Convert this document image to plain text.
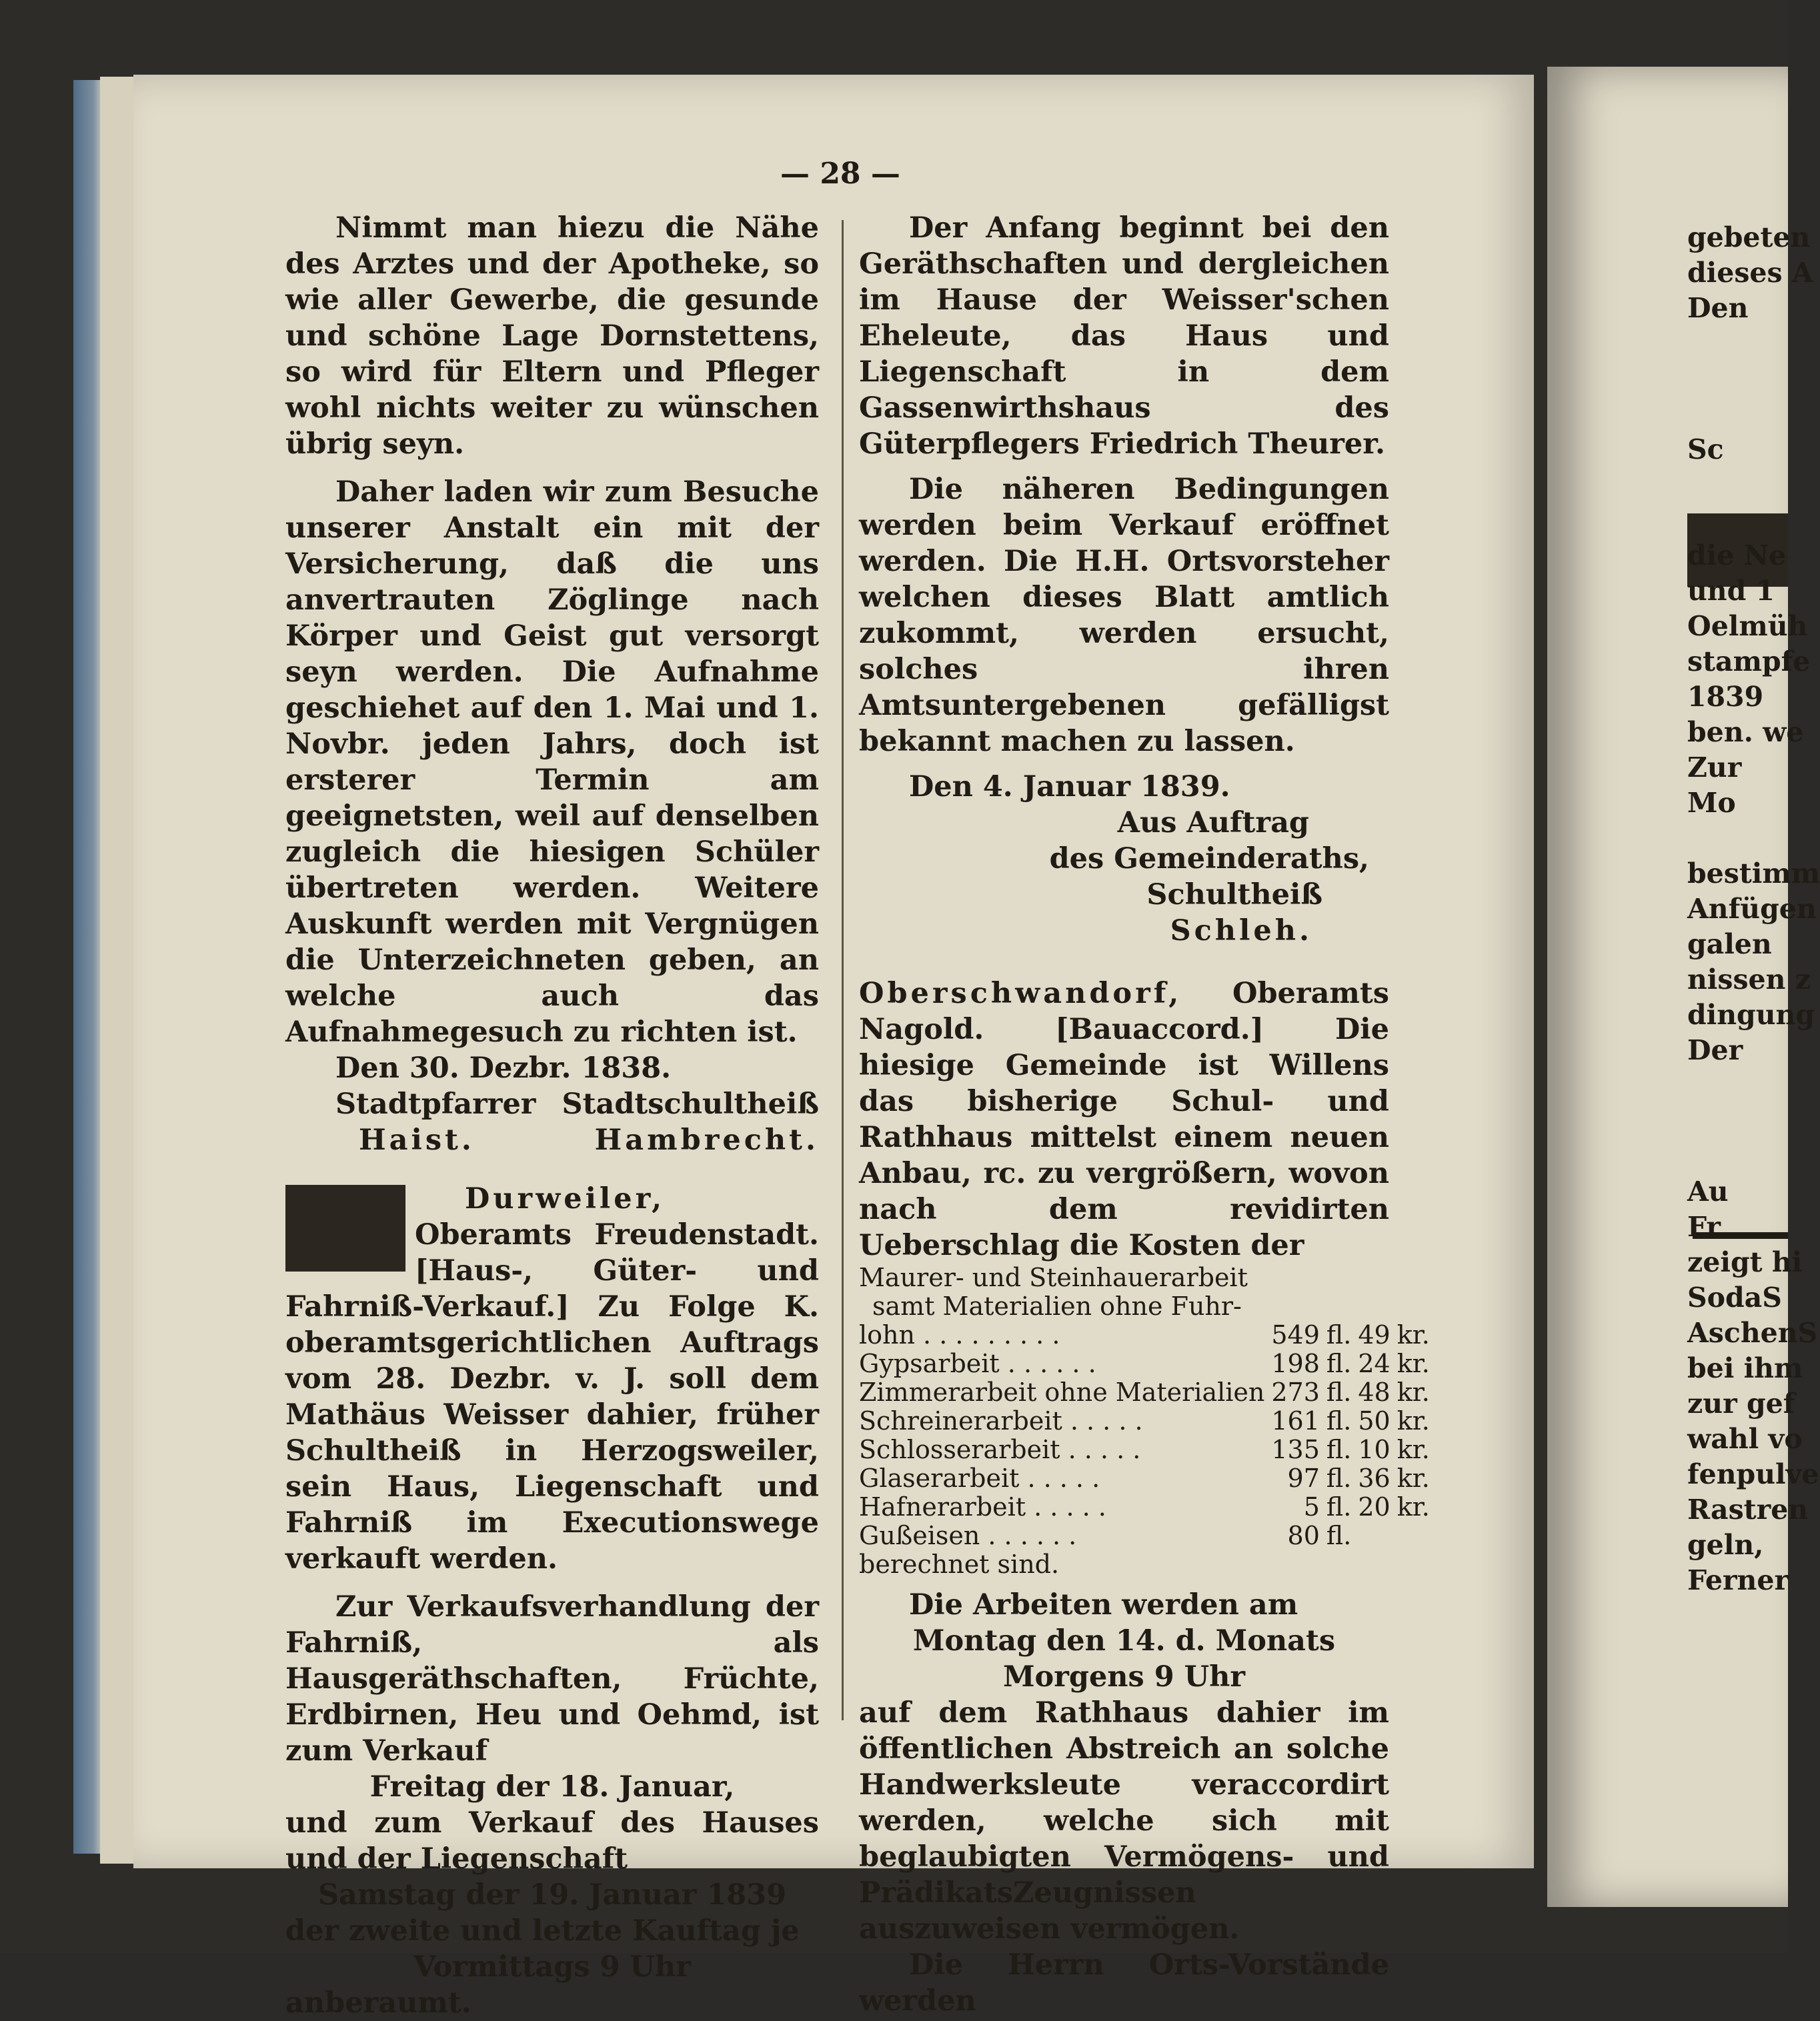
— 28 —

Nimmt man hiezu die Nähe des Arztes und der Apotheke, so wie aller Gewerbe, die gesunde und schöne Lage Dornstettens, so wird für Eltern und Pfleger wohl nichts weiter zu wünschen übrig seyn.

Daher laden wir zum Besuche unserer Anstalt ein mit der Versicherung, daß die uns anvertrauten Zöglinge nach Körper und Geist gut versorgt seyn werden. Die Aufnahme geschiehet auf den 1. Mai und 1. Novbr. jeden Jahrs, doch ist ersterer Termin am geeignetsten, weil auf denselben zugleich die hiesigen Schüler übertreten werden. Weitere Auskunft werden mit Vergnügen die Unterzeichneten geben, an welche auch das Aufnahmegesuch zu richten ist.

Den 30. Dezbr. 1838.

Stadtpfarrer Stadtschultheiß
Haist.	Hambrecht.

Durweiler,
Oberamts Freudenstadt. [Haus-, Güter- und Fahrniß-Verkauf.] Zu Folge K. oberamtsgerichtlichen Auftrags vom 28. Dezbr. v. J. soll dem Mathäus Weisser dahier, früher Schultheiß in Herzogsweiler, sein Haus, Liegenschaft und Fahrniß im Executionswege verkauft werden.

Zur Verkaufsverhandlung der Fahrniß, als Hausgeräthschaften, Früchte, Erdbirnen, Heu und Oehmd, ist zum Verkauf

Freitag der 18. Januar,

und zum Verkauf des Hauses und der Liegenschaft

Samstag der 19. Januar 1839

der zweite und letzte Kauftag je

Vormittags 9 Uhr

anberaumt.

Der Anfang beginnt bei den Geräthschaften und dergleichen im Hause der Weisser'schen Eheleute, das Haus und Liegenschaft in dem Gassenwirthshaus des Güterpflegers Friedrich Theurer.

Die näheren Bedingungen werden beim Verkauf eröffnet werden. Die H.H. Ortsvorsteher welchen dieses Blatt amtlich zukommt, werden ersucht, solches ihren Amtsuntergebenen gefälligst bekannt machen zu lassen.

Den 4. Januar 1839.

Aus Auftrag

des Gemeinderaths,

Schultheiß

Schleh.

Oberschwandorf, Oberamts Nagold. [Bauaccord.] Die hiesige Gemeinde ist Willens das bisherige Schul- und Rathhaus mittelst einem neuen Anbau, rc. zu vergrößern, wovon nach dem revidirten Ueberschlag die Kosten der

Maurer- und Steinhauerarbeit
samt Materialien ohne Fuhr-
lohn . . . . . . . . .	549	fl.	49	kr.
Gypsarbeit . . . . . .	198	fl.	24	kr.
Zimmerarbeit ohne Materialien	273	fl.	48	kr.
Schreinerarbeit . . . . .	161	fl.	50	kr.
Schlosserarbeit . . . . .	135	fl.	10	kr.
Glaserarbeit . . . . .	97	fl.	36	kr.
Hafnerarbeit . . . . .	5	fl.	20	kr.
Gußeisen . . . . . .	80	fl.		
berechnet sind.

Die Arbeiten werden am

Montag den 14. d. Monats

Morgens 9 Uhr

auf dem Rathhaus dahier im öffentlichen Abstreich an solche Handwerksleute veraccordirt werden, welche sich mit beglaubigten Vermögens- und PrädikatsZeugnissen auszuweisen vermögen.

Die Herrn Orts-Vorstände werden

gebeten
dieses A
Den

Sc

die Ne
und 1
Oelmüh
stampfe
1839
ben. we
Zur
Mo

bestimm
Anfügen
galen
nissen z
dingung
Der

Au
Fr
zeigt hi
SodaS
AschenS
bei ihm
zur gef
wahl vo
fenpulve
Rastren
geln,
Ferner
